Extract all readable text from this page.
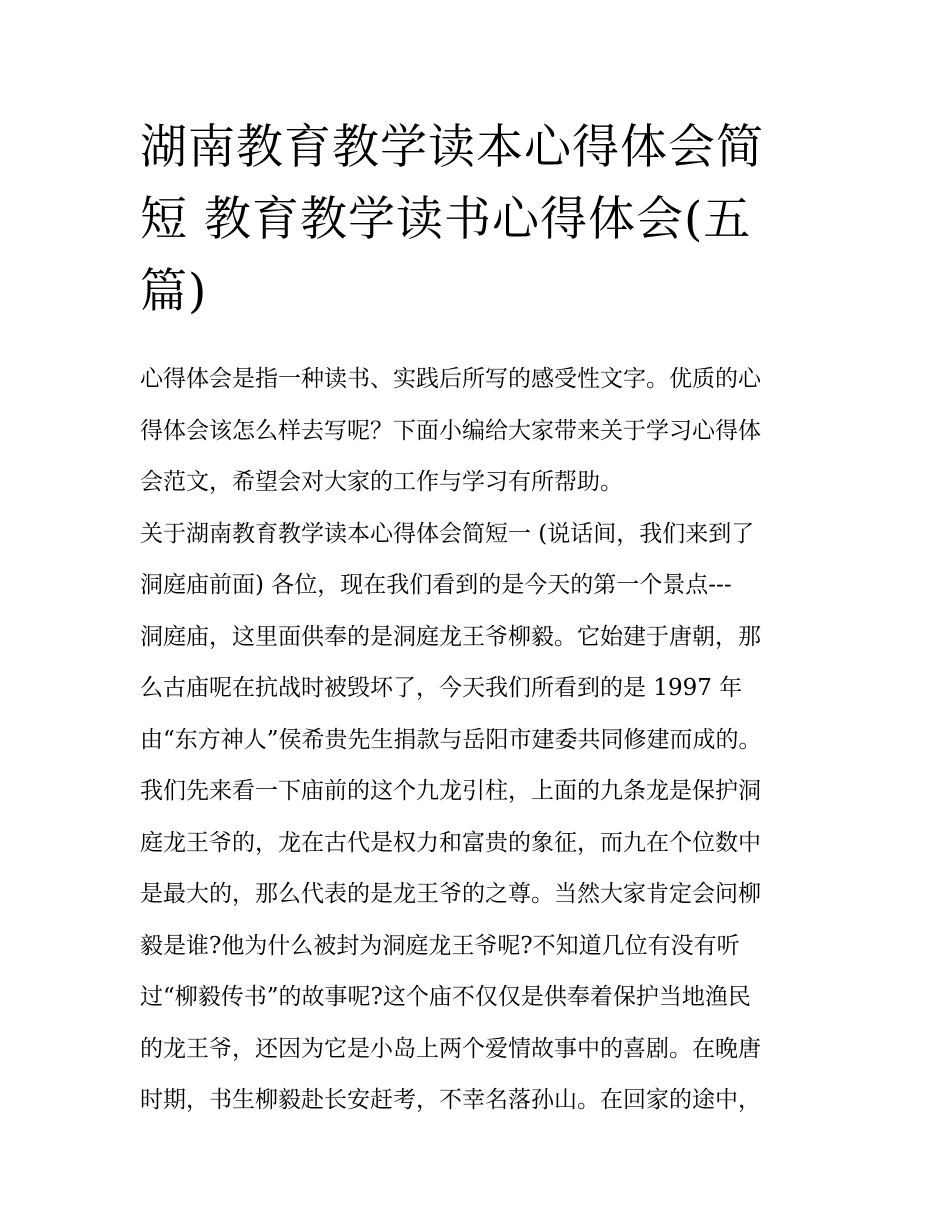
湖南教育教学读本心得体会简
短 教育教学读书心得体会(五
篇)
心得体会是指一种读书、实践后所写的感受性文字。优质的心
得体会该怎么样去写呢？下面小编给大家带来关于学习心得体
会范文，希望会对大家的工作与学习有所帮助。
关于湖南教育教学读本心得体会简短一 (说话间，我们来到了
洞庭庙前面) 各位，现在我们看到的是今天的第一个景点---
洞庭庙，这里面供奉的是洞庭龙王爷柳毅。它始建于唐朝，那
么古庙呢在抗战时被毁坏了，今天我们所看到的是 1997 年
由“东方神人”侯希贵先生捐款与岳阳市建委共同修建而成的。
我们先来看一下庙前的这个九龙引柱，上面的九条龙是保护洞
庭龙王爷的，龙在古代是权力和富贵的象征，而九在个位数中
是最大的，那么代表的是龙王爷的之尊。当然大家肯定会问柳
毅是谁?他为什么被封为洞庭龙王爷呢?不知道几位有没有听
过“柳毅传书”的故事呢?这个庙不仅仅是供奉着保护当地渔民
的龙王爷，还因为它是小岛上两个爱情故事中的喜剧。在晚唐
时期，书生柳毅赴长安赶考，不幸名落孙山。在回家的途中，
